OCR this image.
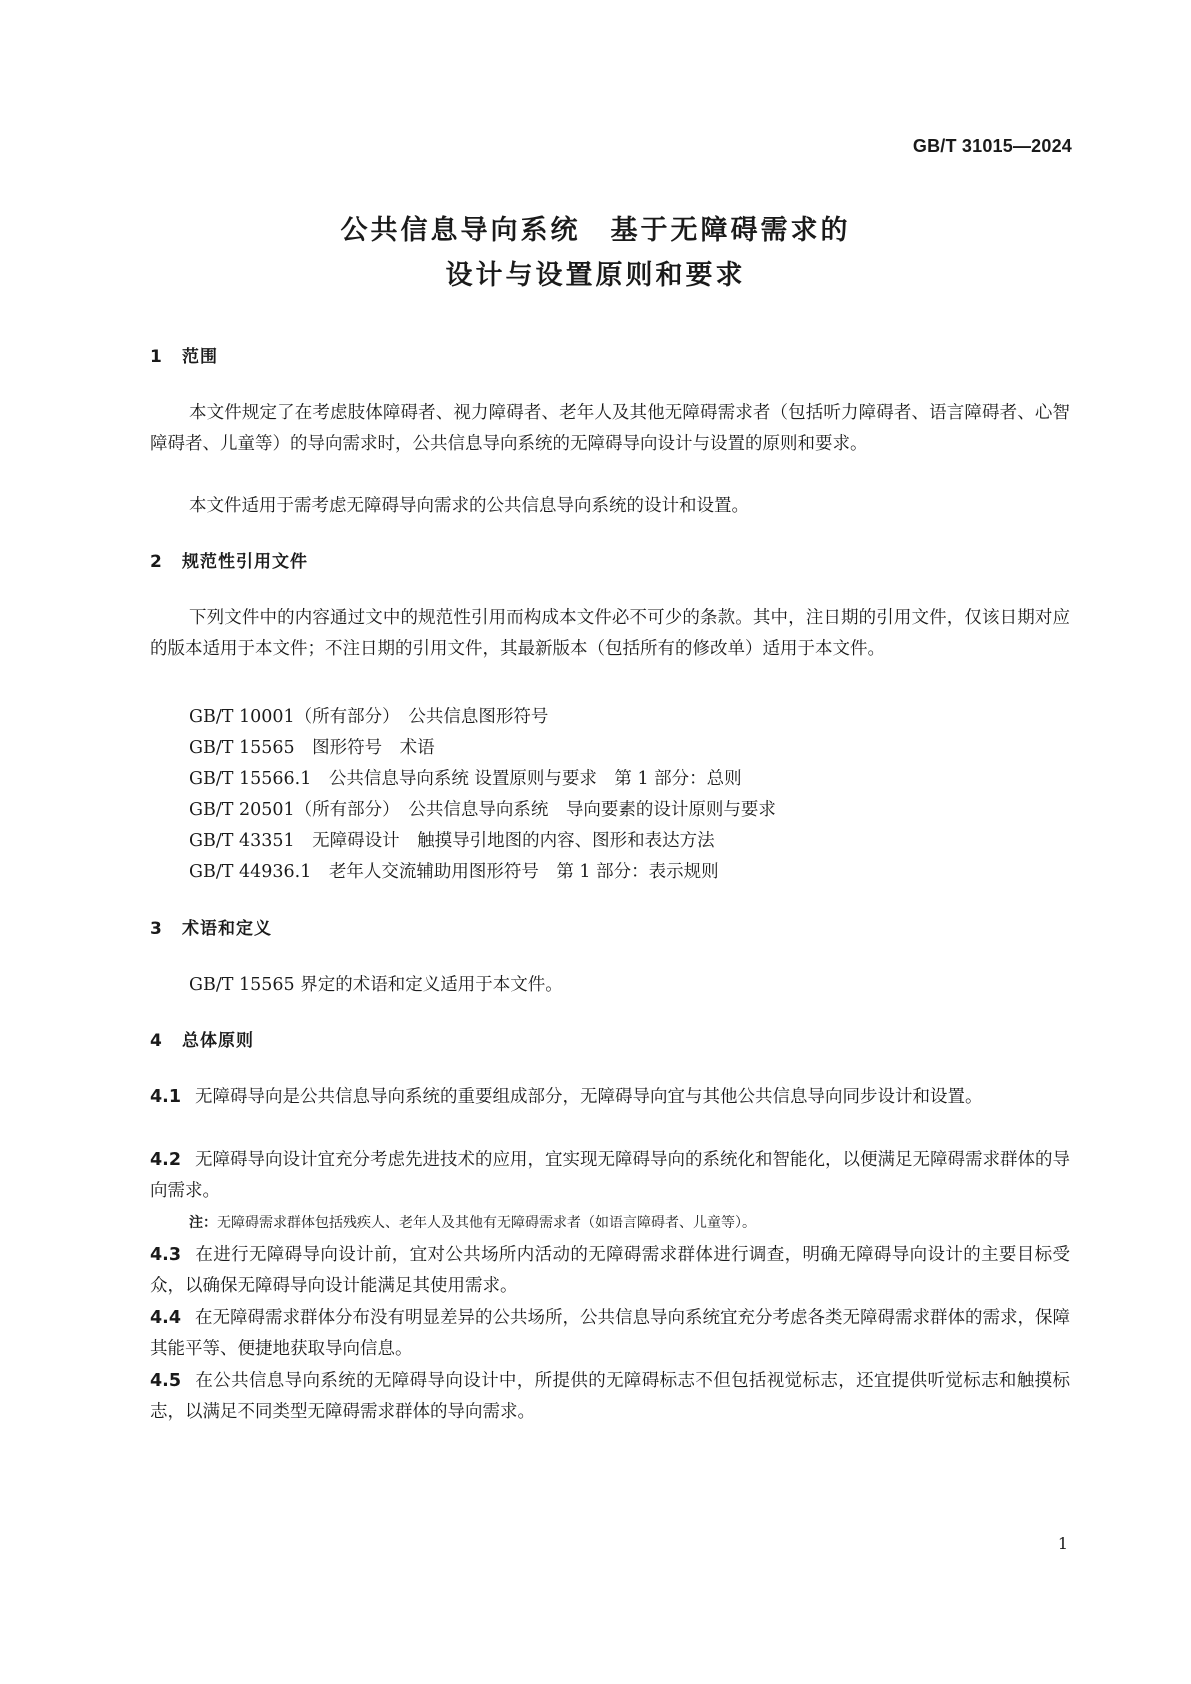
GB/T 31015—2024
公共信息导向系统　基于无障碍需求的
设计与设置原则和要求
1 范围

本文件规定了在考虑肢体障碍者、视力障碍者、老年人及其他无障碍需求者（包括听力障碍者、语言障碍者、心智障碍者、儿童等）的导向需求时，公共信息导向系统的无障碍导向设计与设置的原则和要求。

本文件适用于需考虑无障碍导向需求的公共信息导向系统的设计和设置。

2 规范性引用文件

下列文件中的内容通过文中的规范性引用而构成本文件必不可少的条款。其中，注日期的引用文件，仅该日期对应的版本适用于本文件；不注日期的引用文件，其最新版本（包括所有的修改单）适用于本文件。

GB/T 10001（所有部分）　公共信息图形符号
GB/T 15565　图形符号　术语
GB/T 15566.1　公共信息导向系统 设置原则与要求　第 1 部分：总则
GB/T 20501（所有部分）　公共信息导向系统　导向要素的设计原则与要求
GB/T 43351　无障碍设计　触摸导引地图的内容、图形和表达方法
GB/T 44936.1　老年人交流辅助用图形符号　第 1 部分：表示规则
3 术语和定义

GB/T 15565 界定的术语和定义适用于本文件。

4 总体原则

4.1 无障碍导向是公共信息导向系统的重要组成部分，无障碍导向宜与其他公共信息导向同步设计和设置。

4.2 无障碍导向设计宜充分考虑先进技术的应用，宜实现无障碍导向的系统化和智能化，以便满足无障碍需求群体的导向需求。

注：无障碍需求群体包括残疾人、老年人及其他有无障碍需求者（如语言障碍者、儿童等）。

4.3 在进行无障碍导向设计前，宜对公共场所内活动的无障碍需求群体进行调查，明确无障碍导向设计的主要目标受众，以确保无障碍导向设计能满足其使用需求。

4.4 在无障碍需求群体分布没有明显差异的公共场所，公共信息导向系统宜充分考虑各类无障碍需求群体的需求，保障其能平等、便捷地获取导向信息。

4.5 在公共信息导向系统的无障碍导向设计中，所提供的无障碍标志不但包括视觉标志，还宜提供听觉标志和触摸标志，以满足不同类型无障碍需求群体的导向需求。

1
